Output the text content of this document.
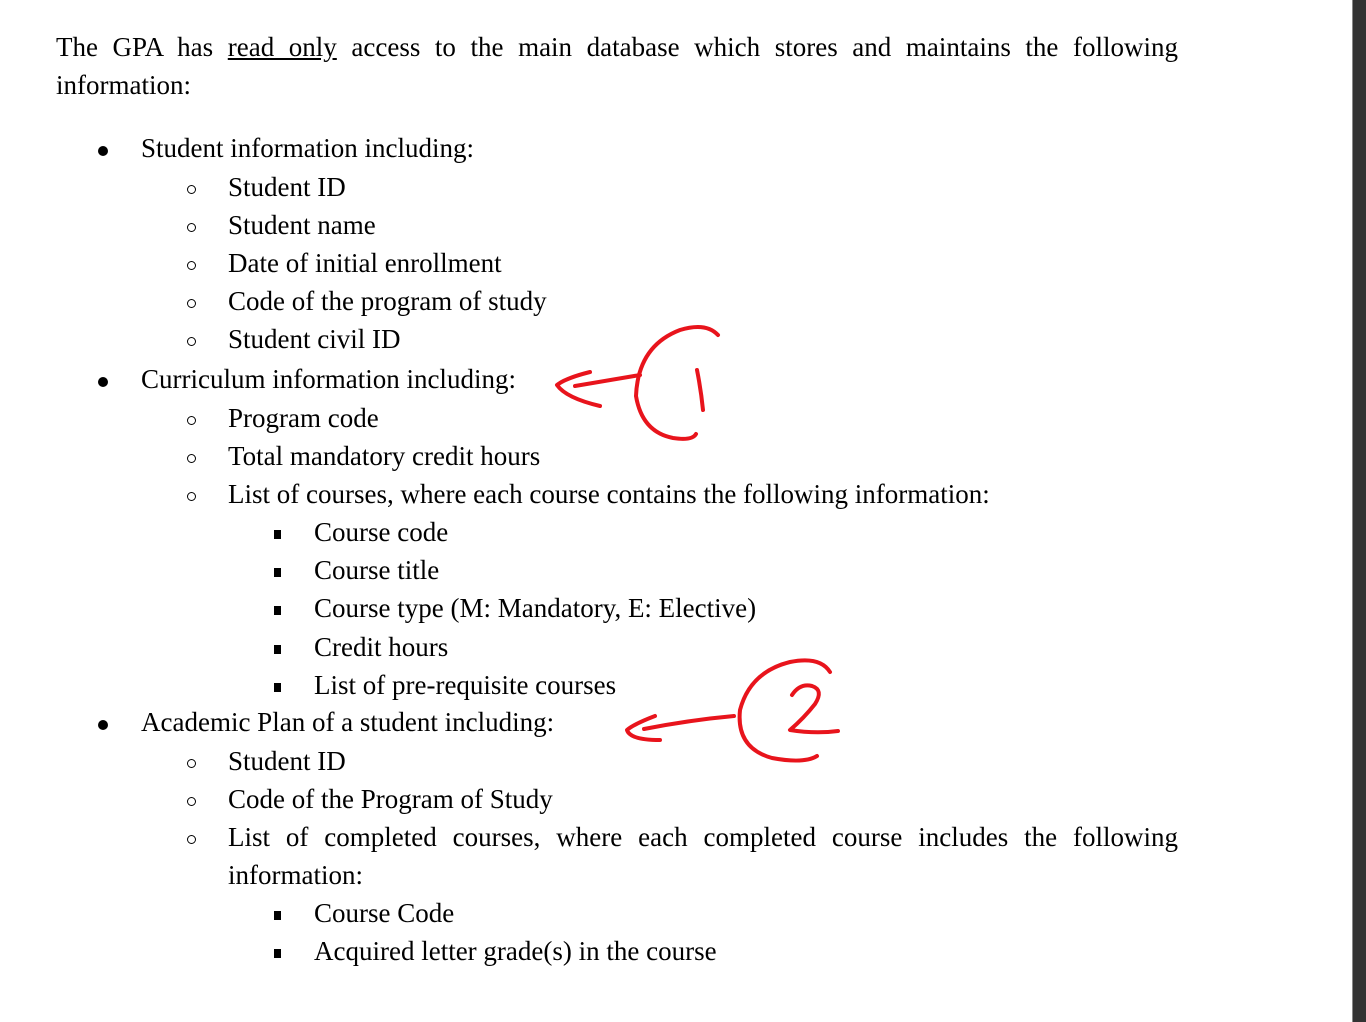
The GPA has read only access to the main database which stores and maintains the following information:

Student information including:
Student ID
Student name
Date of initial enrollment
Code of the program of study
Student civil ID
Curriculum information including:
Program code
Total mandatory credit hours
List of courses, where each course contains the following information:
Course code
Course title
Course type (M: Mandatory, E: Elective)
Credit hours
List of pre-requisite courses
Academic Plan of a student including:
Student ID
Code of the Program of Study
List of completed courses, where each completed course includes the following
information:
Course Code
Acquired letter grade(s) in the course
